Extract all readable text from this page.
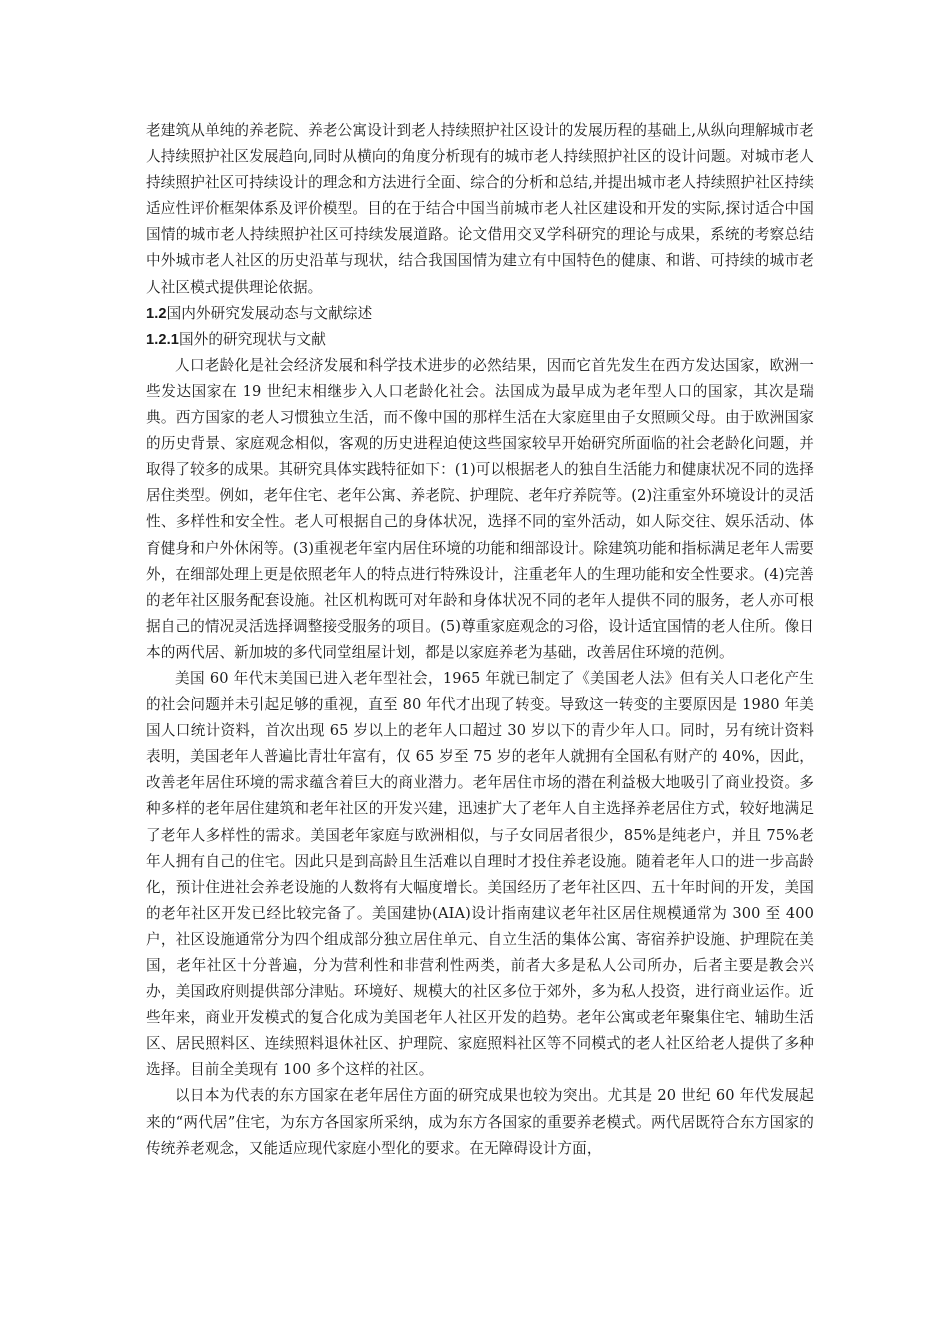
老建筑从单纯的养老院、养老公寓设计到老人持续照护社区设计的发展历程的基础上,从纵向理解城市老人持续照护社区发展趋向,同时从横向的角度分析现有的城市老人持续照护社区的设计问题。对城市老人持续照护社区可持续设计的理念和方法进行全面、综合的分析和总结,并提出城市老人持续照护社区持续适应性评价框架体系及评价模型。目的在于结合中国当前城市老人社区建设和开发的实际,探讨适合中国国情的城市老人持续照护社区可持续发展道路。论文借用交叉学科研究的理论与成果，系统的考察总结中外城市老人社区的历史沿革与现状，结合我国国情为建立有中国特色的健康、和谐、可持续的城市老人社区模式提供理论依据。

1.2国内外研究发展动态与文献综述

1.2.1国外的研究现状与文献

人口老龄化是社会经济发展和科学技术进步的必然结果，因而它首先发生在西方发达国家，欧洲一些发达国家在 19 世纪末相继步入人口老龄化社会。法国成为最早成为老年型人口的国家，其次是瑞典。西方国家的老人习惯独立生活，而不像中国的那样生活在大家庭里由子女照顾父母。由于欧洲国家的历史背景、家庭观念相似，客观的历史进程迫使这些国家较早开始研究所面临的社会老龄化问题，并取得了较多的成果。其研究具体实践特征如下：(1)可以根据老人的独自生活能力和健康状况不同的选择居住类型。例如，老年住宅、老年公寓、养老院、护理院、老年疗养院等。(2)注重室外环境设计的灵活性、多样性和安全性。老人可根据自己的身体状况，选择不同的室外活动，如人际交往、娱乐活动、体育健身和户外休闲等。(3)重视老年室内居住环境的功能和细部设计。除建筑功能和指标满足老年人需要外，在细部处理上更是依照老年人的特点进行特殊设计，注重老年人的生理功能和安全性要求。(4)完善的老年社区服务配套设施。社区机构既可对年龄和身体状况不同的老年人提供不同的服务，老人亦可根据自己的情况灵活选择调整接受服务的项目。(5)尊重家庭观念的习俗，设计适宜国情的老人住所。像日本的两代居、新加坡的多代同堂组屋计划，都是以家庭养老为基础，改善居住环境的范例。

美国 60 年代末美国已进入老年型社会，1965 年就已制定了《美国老人法》但有关人口老化产生的社会问题并未引起足够的重视，直至 80 年代才出现了转变。导致这一转变的主要原因是 1980 年美国人口统计资料，首次出现 65 岁以上的老年人口超过 30 岁以下的青少年人口。同时，另有统计资料表明，美国老年人普遍比青壮年富有，仅 65 岁至 75 岁的老年人就拥有全国私有财产的 40%，因此，改善老年居住环境的需求蕴含着巨大的商业潜力。老年居住市场的潜在利益极大地吸引了商业投资。多种多样的老年居住建筑和老年社区的开发兴建，迅速扩大了老年人自主选择养老居住方式，较好地满足了老年人多样性的需求。美国老年家庭与欧洲相似，与子女同居者很少，85%是纯老户，并且 75%老年人拥有自己的住宅。因此只是到高龄且生活难以自理时才投住养老设施。随着老年人口的进一步高龄化，预计住进社会养老设施的人数将有大幅度增长。美国经历了老年社区四、五十年时间的开发，美国的老年社区开发已经比较完备了。美国建协(AIA)设计指南建议老年社区居住规模通常为 300 至 400 户，社区设施通常分为四个组成部分独立居住单元、自立生活的集体公寓、寄宿养护设施、护理院在美国，老年社区十分普遍，分为营利性和非营利性两类，前者大多是私人公司所办，后者主要是教会兴办，美国政府则提供部分津贴。环境好、规模大的社区多位于郊外，多为私人投资，进行商业运作。近些年来，商业开发模式的复合化成为美国老年人社区开发的趋势。老年公寓或老年聚集住宅、辅助生活区、居民照料区、连续照料退休社区、护理院、家庭照料社区等不同模式的老人社区给老人提供了多种选择。目前全美现有 100 多个这样的社区。

以日本为代表的东方国家在老年居住方面的研究成果也较为突出。尤其是 20 世纪 60 年代发展起来的“两代居”住宅，为东方各国家所采纳，成为东方各国家的重要养老模式。两代居既符合东方国家的传统养老观念，又能适应现代家庭小型化的要求。在无障碍设计方面，
